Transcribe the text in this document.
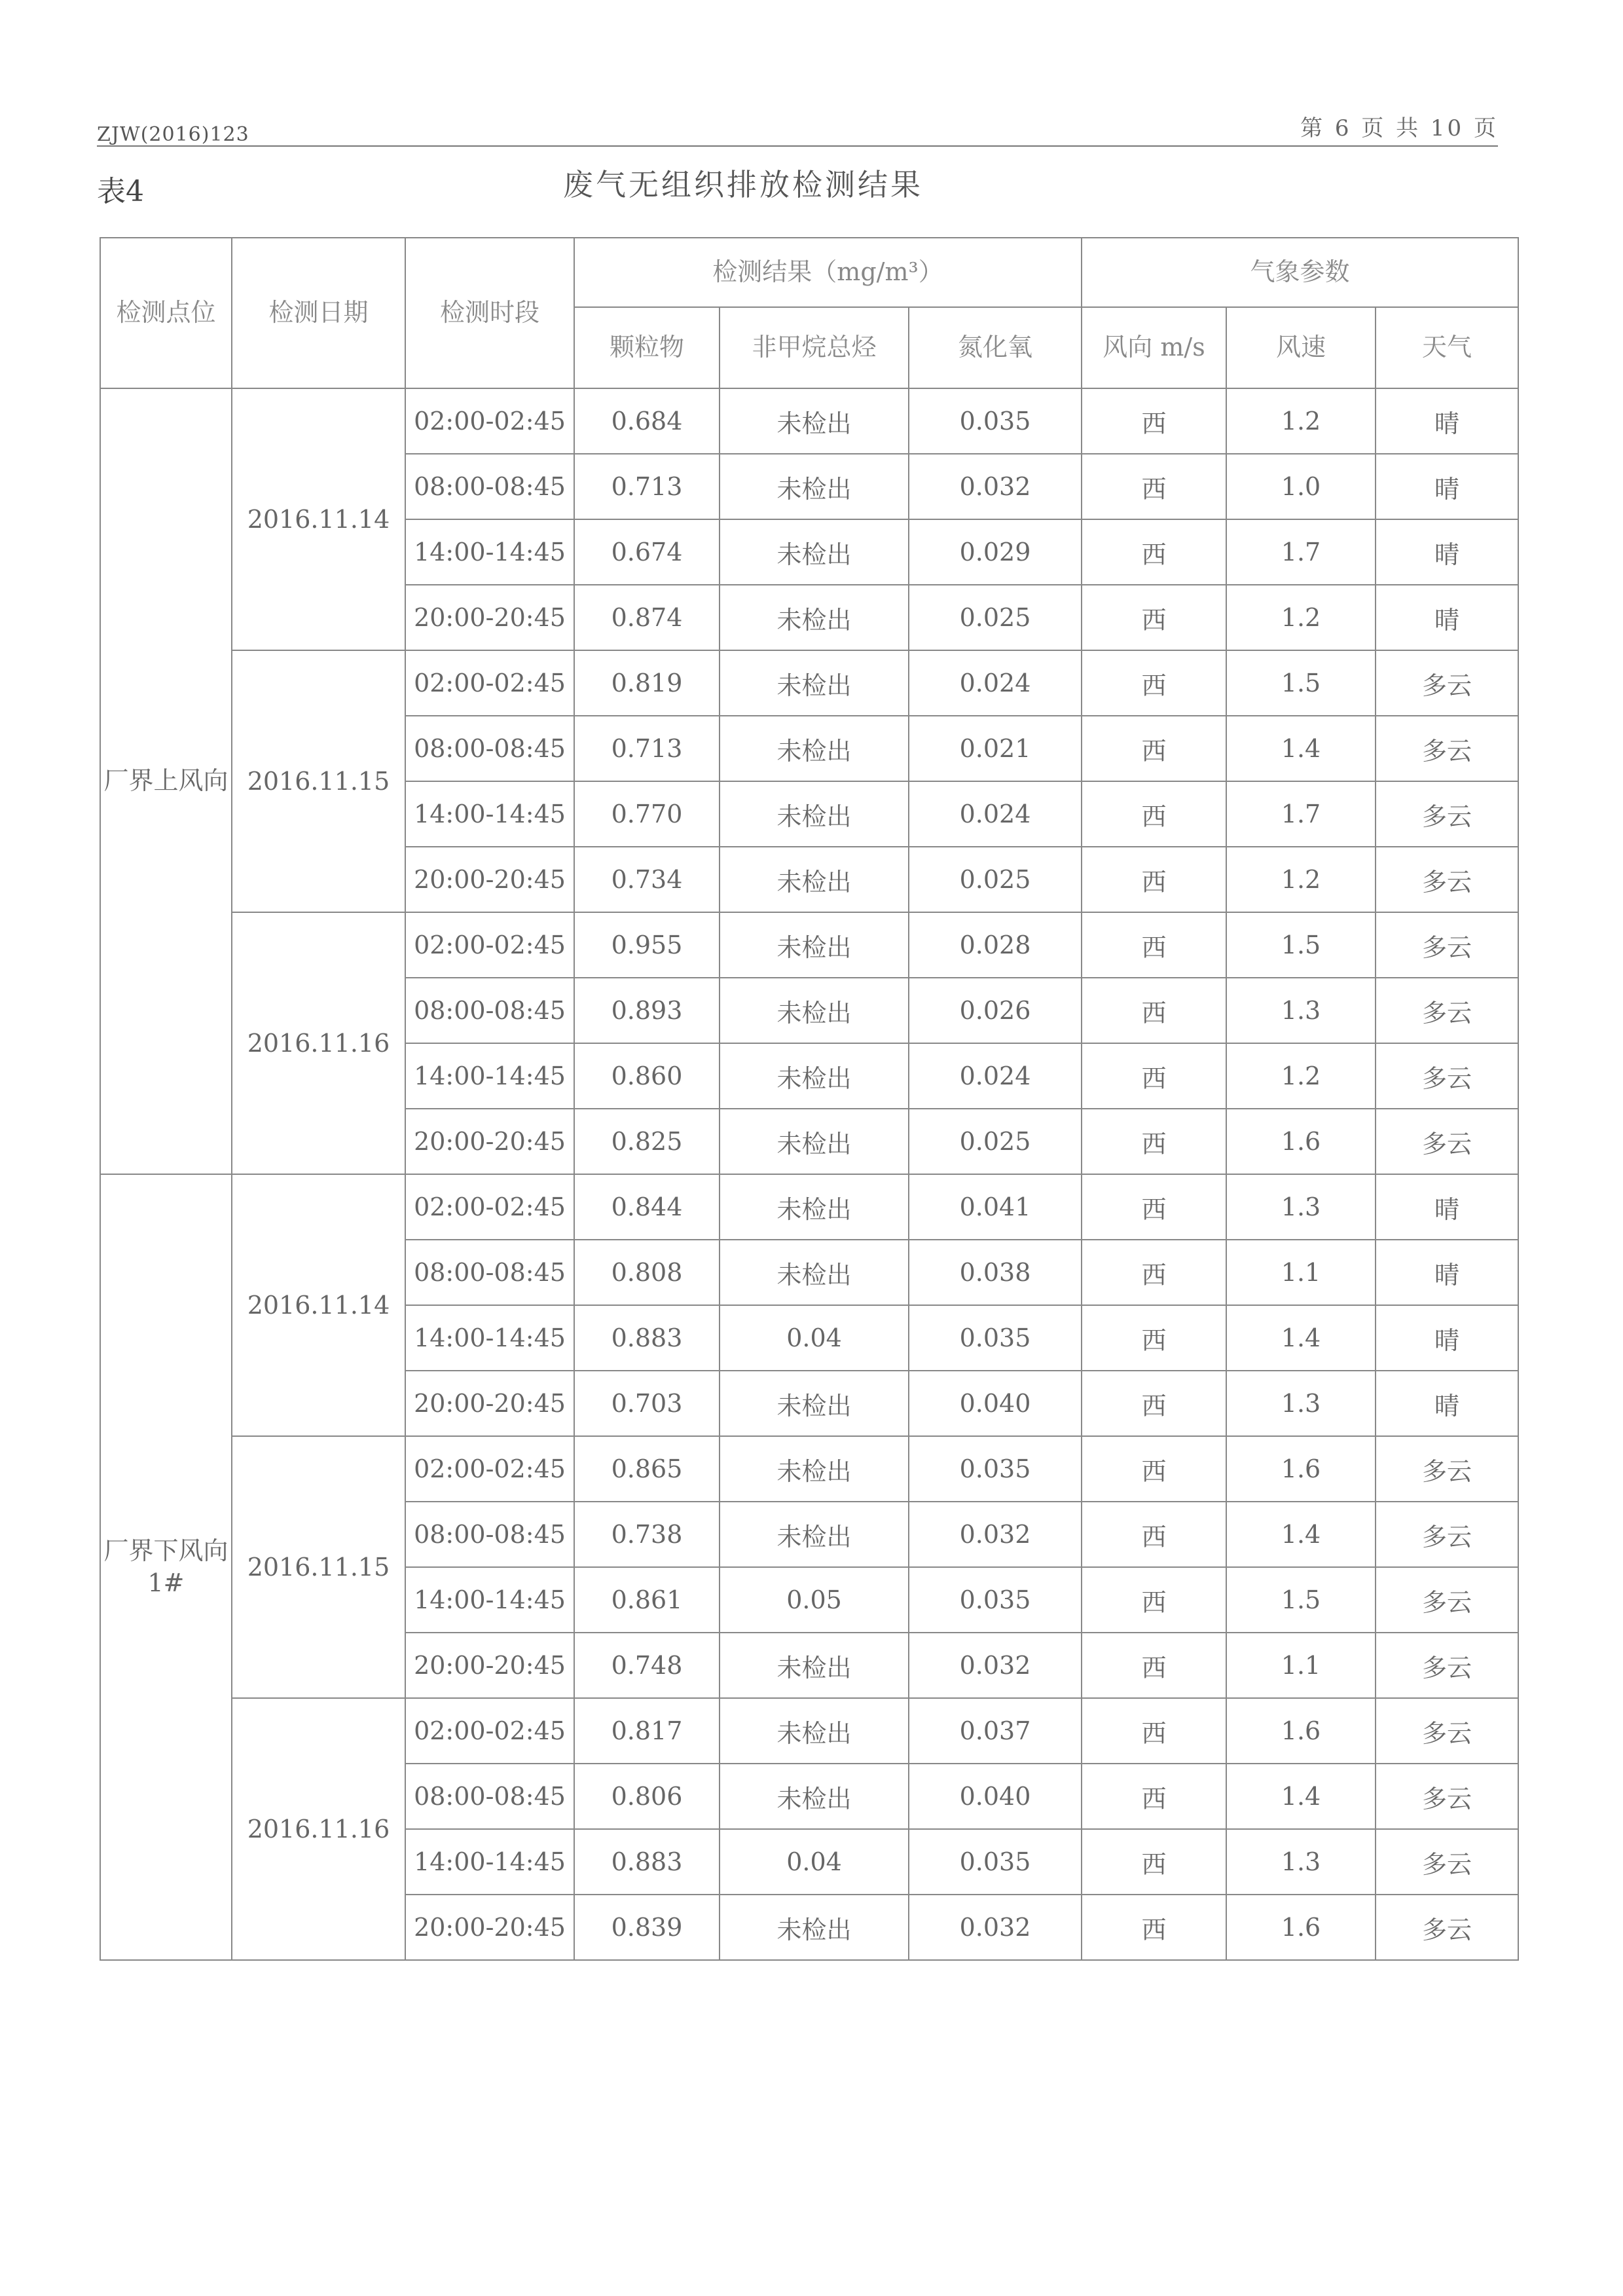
ZJW(2016)123	第 6 页 共 10 页
表4	废气无组织排放检测结果
检测点位	检测日期	检测时段	检测结果（mg/m³）			气象参数		
			颗粒物	非甲烷总烃	氮化氧	风向 m/s	风速	天气
厂界上风向	2016.11.14	02:00-02:45	0.684	未检出	0.035	西	1.2	晴
		08:00-08:45	0.713	未检出	0.032	西	1.0	晴
		14:00-14:45	0.674	未检出	0.029	西	1.7	晴
		20:00-20:45	0.874	未检出	0.025	西	1.2	晴
	2016.11.15	02:00-02:45	0.819	未检出	0.024	西	1.5	多云
		08:00-08:45	0.713	未检出	0.021	西	1.4	多云
		14:00-14:45	0.770	未检出	0.024	西	1.7	多云
		20:00-20:45	0.734	未检出	0.025	西	1.2	多云
	2016.11.16	02:00-02:45	0.955	未检出	0.028	西	1.5	多云
		08:00-08:45	0.893	未检出	0.026	西	1.3	多云
		14:00-14:45	0.860	未检出	0.024	西	1.2	多云
		20:00-20:45	0.825	未检出	0.025	西	1.6	多云
厂界下风向1#	2016.11.14	02:00-02:45	0.844	未检出	0.041	西	1.3	晴
		08:00-08:45	0.808	未检出	0.038	西	1.1	晴
		14:00-14:45	0.883	0.04	0.035	西	1.4	晴
		20:00-20:45	0.703	未检出	0.040	西	1.3	晴
	2016.11.15	02:00-02:45	0.865	未检出	0.035	西	1.6	多云
		08:00-08:45	0.738	未检出	0.032	西	1.4	多云
		14:00-14:45	0.861	0.05	0.035	西	1.5	多云
		20:00-20:45	0.748	未检出	0.032	西	1.1	多云
	2016.11.16	02:00-02:45	0.817	未检出	0.037	西	1.6	多云
		08:00-08:45	0.806	未检出	0.040	西	1.4	多云
		14:00-14:45	0.883	0.04	0.035	西	1.3	多云
		20:00-20:45	0.839	未检出	0.032	西	1.6	多云
